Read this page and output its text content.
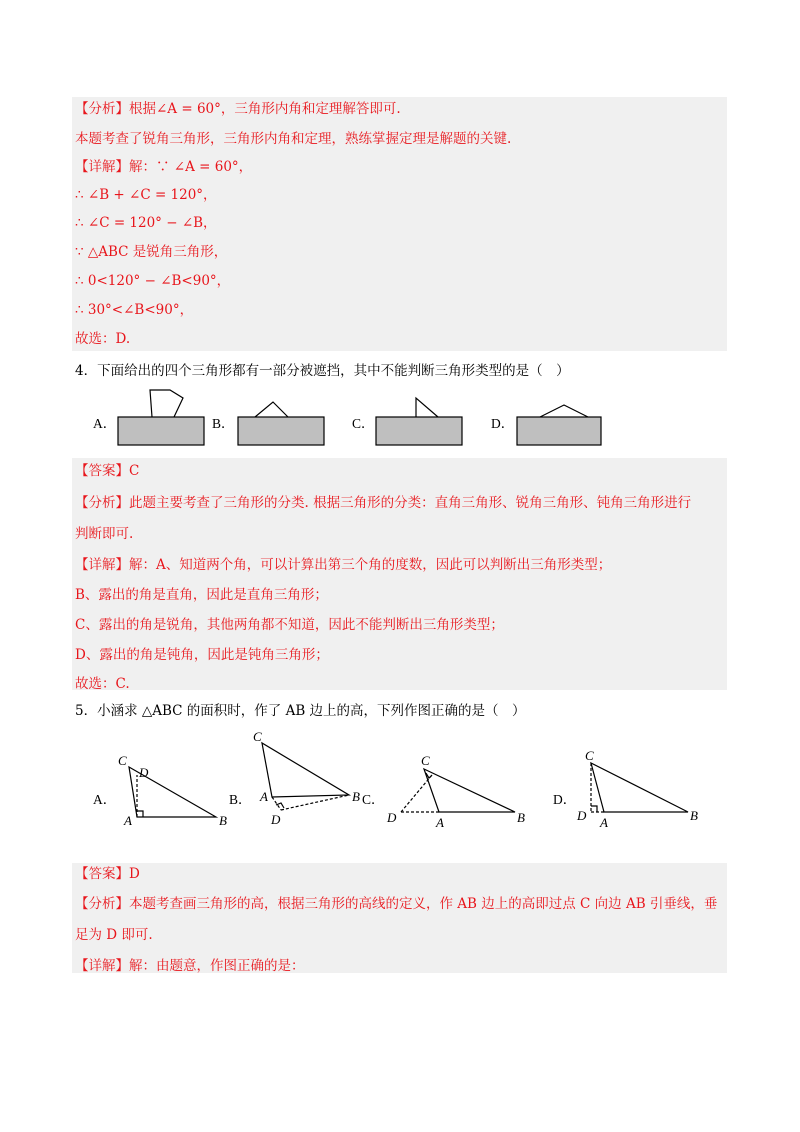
【分析】根据∠A = 60°，三角形内角和定理解答即可.
本题考查了锐角三角形，三角形内角和定理，熟练掌握定理是解题的关键.
【详解】解：∵ ∠A = 60°，
∴ ∠B + ∠C = 120°，
∴ ∠C = 120° − ∠B，
∵ △ABC 是锐角三角形，
∴ 0<120° − ∠B<90°，
∴ 30°<∠B<90°，
故选：D.
4．下面给出的四个三角形都有一部分被遮挡，其中不能判断三角形类型的是（　）
A．	B．	C．	D．
【答案】C
【分析】此题主要考查了三角形的分类. 根据三角形的分类：直角三角形、锐角三角形、钝角三角形进行
判断即可.
【详解】解：A、知道两个角，可以计算出第三个角的度数，因此可以判断出三角形类型；
B、露出的角是直角，因此是直角三角形；
C、露出的角是锐角，其他两角都不知道，因此不能判断出三角形类型；
D、露出的角是钝角，因此是钝角三角形；
故选：C.
5．小涵求 △ABC 的面积时，作了 AB 边上的高，下列作图正确的是（　）
A．	B．	C．	D．
C
D
A	B
C
A
D
B
C
D	A	B
C
D A	B
【答案】D
【分析】本题考查画三角形的高，根据三角形的高线的定义，作 AB 边上的高即过点 C 向边 AB 引垂线，垂
足为 D 即可.
【详解】解：由题意，作图正确的是：
